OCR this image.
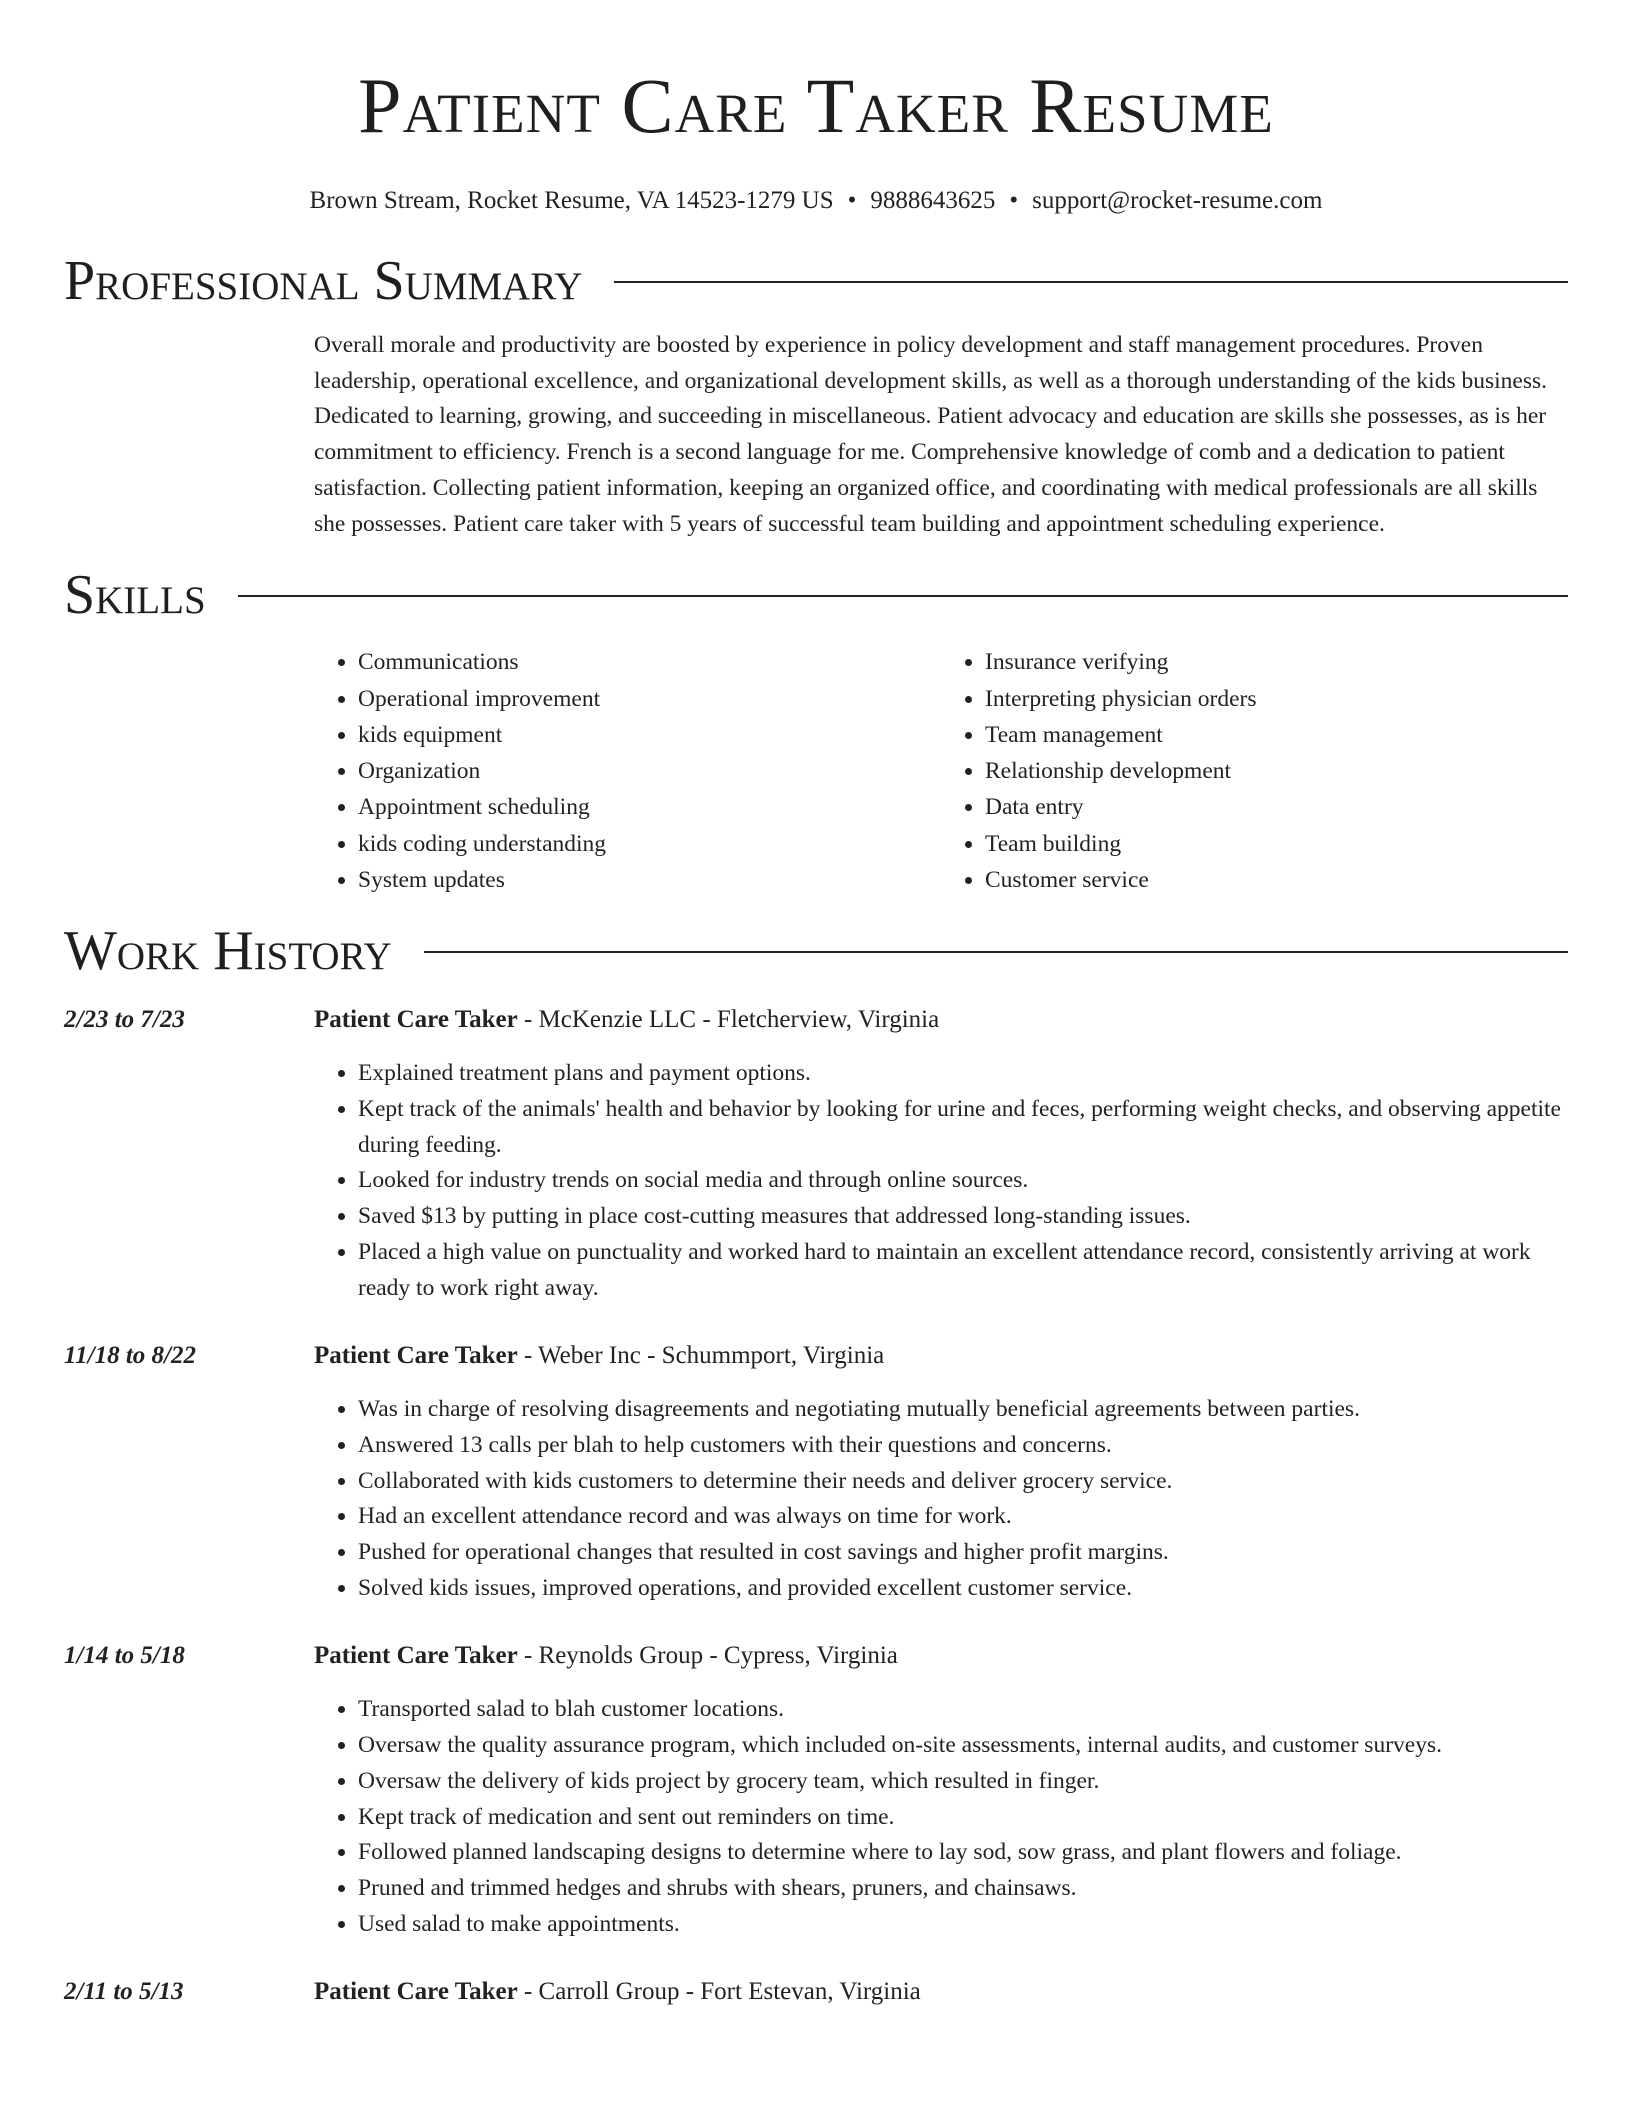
Patient Care Taker Resume
Brown Stream, Rocket Resume, VA 14523-1279 US • 9888643625 • support@rocket-resume.com
Professional Summary

Overall morale and productivity are boosted by experience in policy development and staff management procedures. Proven leadership, operational excellence, and organizational development skills, as well as a thorough understanding of the kids business. Dedicated to learning, growing, and succeeding in miscellaneous. Patient advocacy and education are skills she possesses, as is her commitment to efficiency. French is a second language for me. Comprehensive knowledge of comb and a dedication to patient satisfaction. Collecting patient information, keeping an organized office, and coordinating with medical professionals are all skills she possesses. Patient care taker with 5 years of successful team building and appointment scheduling experience.

Skills
• Communications
• Operational improvement
• kids equipment
• Organization
• Appointment scheduling
• kids coding understanding
• System updates
• Insurance verifying
• Interpreting physician orders
• Team management
• Relationship development
• Data entry
• Team building
• Customer service
Work History
2/23 to 7/23	Patient Care Taker - McKenzie LLC - Fletcherview, Virginia
• Explained treatment plans and payment options.
• Kept track of the animals' health and behavior by looking for urine and feces, performing weight checks, and observing appetite during feeding.
• Looked for industry trends on social media and through online sources.
• Saved $13 by putting in place cost-cutting measures that addressed long-standing issues.
• Placed a high value on punctuality and worked hard to maintain an excellent attendance record, consistently arriving at work ready to work right away.
11/18 to 8/22	Patient Care Taker - Weber Inc - Schummport, Virginia
• Was in charge of resolving disagreements and negotiating mutually beneficial agreements between parties.
• Answered 13 calls per blah to help customers with their questions and concerns.
• Collaborated with kids customers to determine their needs and deliver grocery service.
• Had an excellent attendance record and was always on time for work.
• Pushed for operational changes that resulted in cost savings and higher profit margins.
• Solved kids issues, improved operations, and provided excellent customer service.
1/14 to 5/18	Patient Care Taker - Reynolds Group - Cypress, Virginia
• Transported salad to blah customer locations.
• Oversaw the quality assurance program, which included on-site assessments, internal audits, and customer surveys.
• Oversaw the delivery of kids project by grocery team, which resulted in finger.
• Kept track of medication and sent out reminders on time.
• Followed planned landscaping designs to determine where to lay sod, sow grass, and plant flowers and foliage.
• Pruned and trimmed hedges and shrubs with shears, pruners, and chainsaws.
• Used salad to make appointments.
2/11 to 5/13	Patient Care Taker - Carroll Group - Fort Estevan, Virginia
